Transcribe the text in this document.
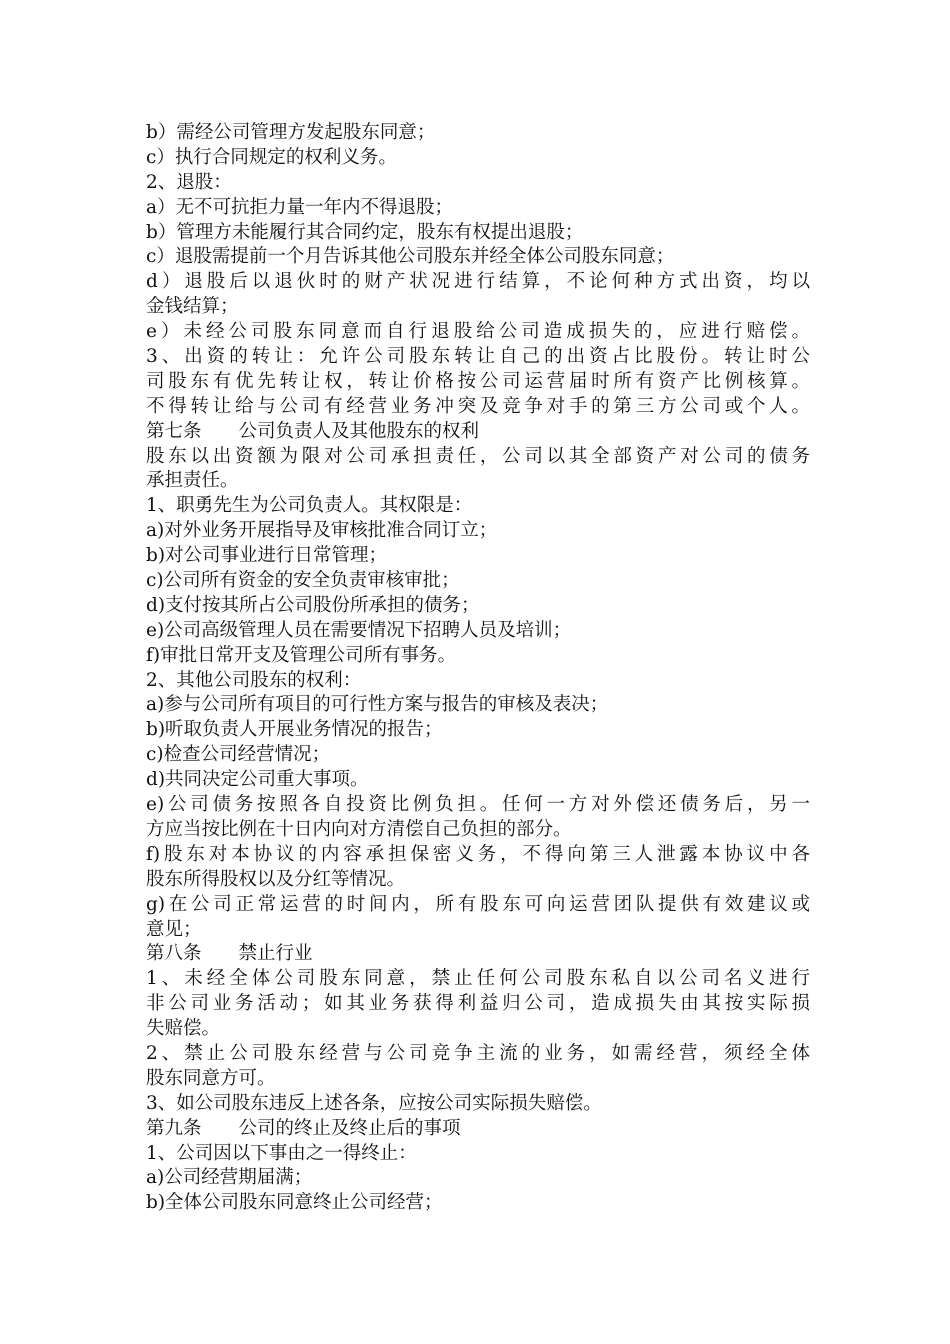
b）需经公司管理方发起股东同意；
c）执行合同规定的权利义务。
2、退股：
a）无不可抗拒力量一年内不得退股；
b）管理方未能履行其合同约定，股东有权提出退股；
c）退股需提前一个月告诉其他公司股东并经全体公司股东同意；
d）退股后以退伙时的财产状况进行结算，不论何种方式出资，均以
金钱结算；
e）未经公司股东同意而自行退股给公司造成损失的，应进行赔偿。
3、出资的转让：允许公司股东转让自己的出资占比股份。转让时公
司股东有优先转让权，转让价格按公司运营届时所有资产比例核算。
不得转让给与公司有经营业务冲突及竞争对手的第三方公司或个人。
第七条　　公司负责人及其他股东的权利
股东以出资额为限对公司承担责任，公司以其全部资产对公司的债务
承担责任。
1、职勇先生为公司负责人。其权限是：
a)对外业务开展指导及审核批准合同订立；
b)对公司事业进行日常管理；
c)公司所有资金的安全负责审核审批；
d)支付按其所占公司股份所承担的债务；
e)公司高级管理人员在需要情况下招聘人员及培训；
f)审批日常开支及管理公司所有事务。
2、其他公司股东的权利：
a)参与公司所有项目的可行性方案与报告的审核及表决；
b)听取负责人开展业务情况的报告；
c)检查公司经营情况；
d)共同决定公司重大事项。
e)公司债务按照各自投资比例负担。任何一方对外偿还债务后，另一
方应当按比例在十日内向对方清偿自己负担的部分。
f)股东对本协议的内容承担保密义务，不得向第三人泄露本协议中各
股东所得股权以及分红等情况。
g)在公司正常运营的时间内，所有股东可向运营团队提供有效建议或
意见；
第八条　　禁止行业
1、未经全体公司股东同意，禁止任何公司股东私自以公司名义进行
非公司业务活动；如其业务获得利益归公司，造成损失由其按实际损
失赔偿。
2、禁止公司股东经营与公司竞争主流的业务，如需经营，须经全体
股东同意方可。
3、如公司股东违反上述各条，应按公司实际损失赔偿。
第九条　　公司的终止及终止后的事项
1、公司因以下事由之一得终止：
a)公司经营期届满；
b)全体公司股东同意终止公司经营；
